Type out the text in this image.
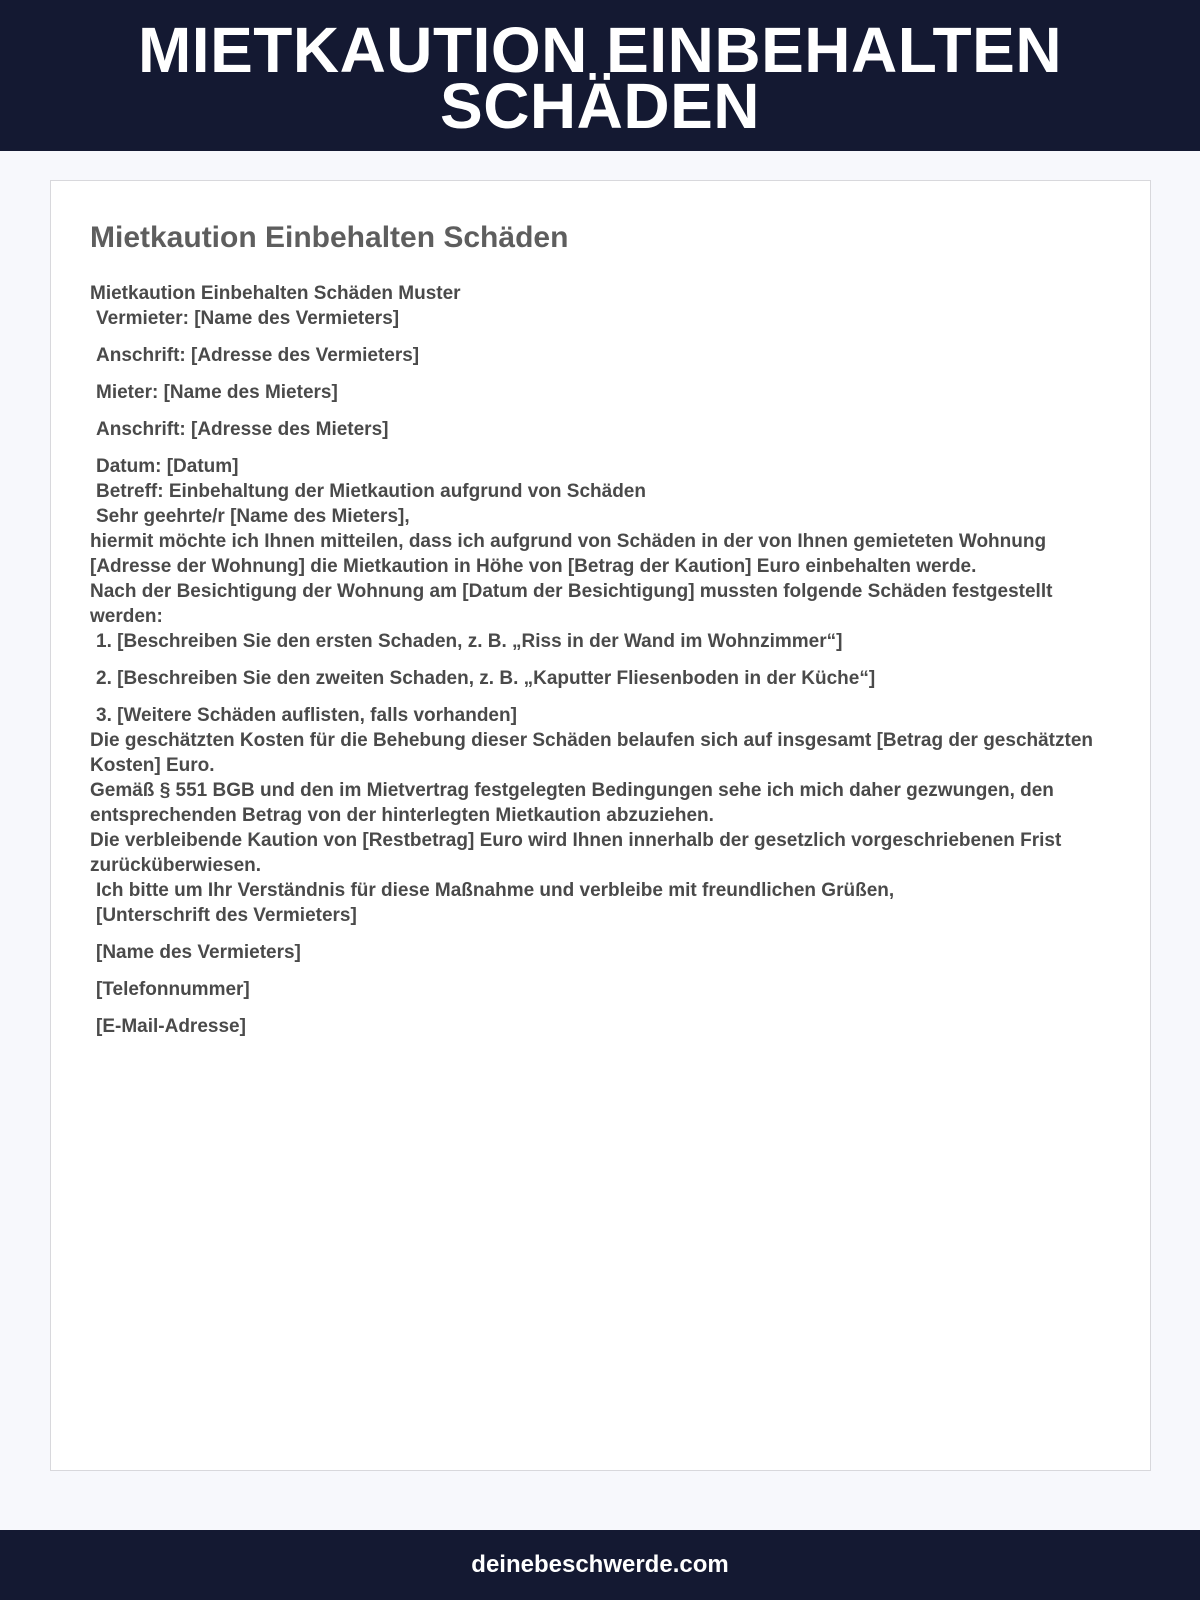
MIETKAUTION EINBEHALTEN SCHÄDEN
Mietkaution Einbehalten Schäden
Mietkaution Einbehalten Schäden Muster
Vermieter: [Name des Vermieters]
Anschrift: [Adresse des Vermieters]
Mieter: [Name des Mieters]
Anschrift: [Adresse des Mieters]
Datum: [Datum]
Betreff: Einbehaltung der Mietkaution aufgrund von Schäden
Sehr geehrte/r [Name des Mieters],
hiermit möchte ich Ihnen mitteilen, dass ich aufgrund von Schäden in der von Ihnen gemieteten Wohnung [Adresse der Wohnung] die Mietkaution in Höhe von [Betrag der Kaution] Euro einbehalten werde.
Nach der Besichtigung der Wohnung am [Datum der Besichtigung] mussten folgende Schäden festgestellt werden:
1. [Beschreiben Sie den ersten Schaden, z. B. „Riss in der Wand im Wohnzimmer“]
2. [Beschreiben Sie den zweiten Schaden, z. B. „Kaputter Fliesenboden in der Küche“]
3. [Weitere Schäden auflisten, falls vorhanden]
Die geschätzten Kosten für die Behebung dieser Schäden belaufen sich auf insgesamt [Betrag der geschätzten Kosten] Euro.
Gemäß § 551 BGB und den im Mietvertrag festgelegten Bedingungen sehe ich mich daher gezwungen, den entsprechenden Betrag von der hinterlegten Mietkaution abzuziehen.
Die verbleibende Kaution von [Restbetrag] Euro wird Ihnen innerhalb der gesetzlich vorgeschriebenen Frist zurücküberwiesen.
Ich bitte um Ihr Verständnis für diese Maßnahme und verbleibe mit freundlichen Grüßen,
[Unterschrift des Vermieters]
[Name des Vermieters]
[Telefonnummer]
[E-Mail-Adresse]
deinebeschwerde.com
